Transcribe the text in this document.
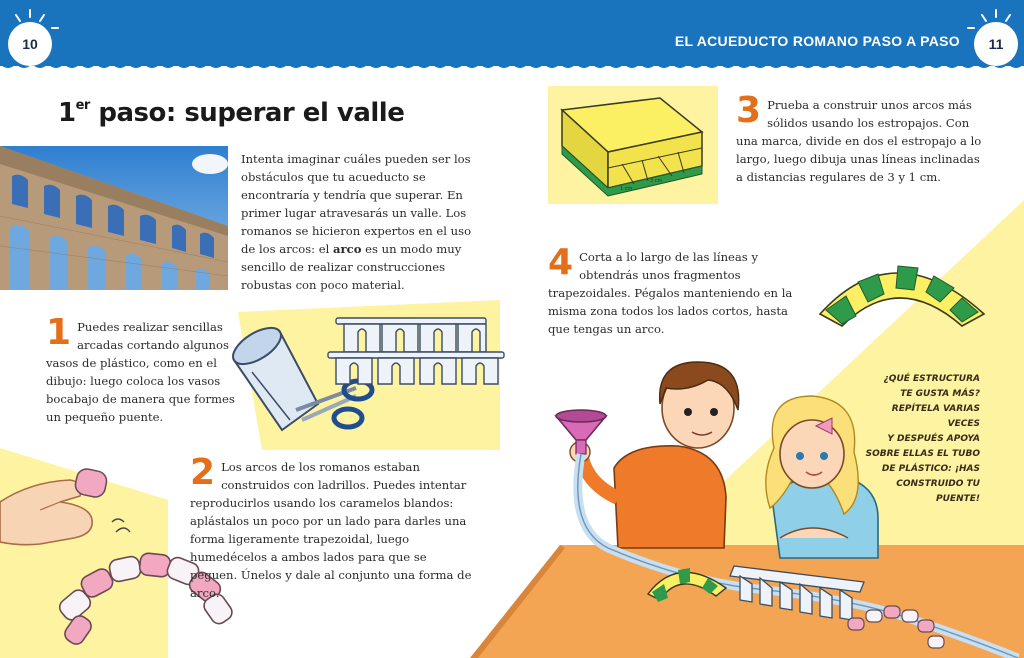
10	11
EL ACUEDUCTO ROMANO PASO A PASO
1er paso: superar el valle
Intenta imaginar cuáles pueden ser los obstáculos que tu acueducto se encontraría y tendría que superar. En primer lugar atravesarás un valle. Los romanos se hicieron expertos en el uso de los arcos: el arco es un modo muy sencillo de realizar construcciones robustas con poco material.
1 Puedes realizar sencillas arcadas cortando algunos vasos de plástico, como en el dibujo: luego coloca los vasos bocabajo de manera que formes un pequeño puente.
2 Los arcos de los romanos estaban construidos con ladrillos. Puedes intentar reproducirlos usando los caramelos blandos: aplástalos un poco por un lado para darles una forma ligeramente trapezoidal, luego humedécelos a ambos lados para que se peguen. Únelos y dale al conjunto una forma de arco.
1 cm
3 cm
3 Prueba a construir unos arcos más sólidos usando los estropajos. Con una marca, divide en dos el estropajo a lo largo, luego dibuja unas líneas inclinadas a distancias regulares de 3 y 1 cm.
4 Corta a lo largo de las líneas y obtendrás unos fragmentos trapezoidales. Pégalos manteniendo en la misma zona todos los lados cortos, hasta que tengas un arco.
¿QUÉ ESTRUCTURA
TE GUSTA MÁS?
REPÍTELA VARIAS VECES
Y DESPUÉS APOYA
SOBRE ELLAS EL TUBO
DE PLÁSTICO: ¡HAS
CONSTRUIDO TU
PUENTE!
